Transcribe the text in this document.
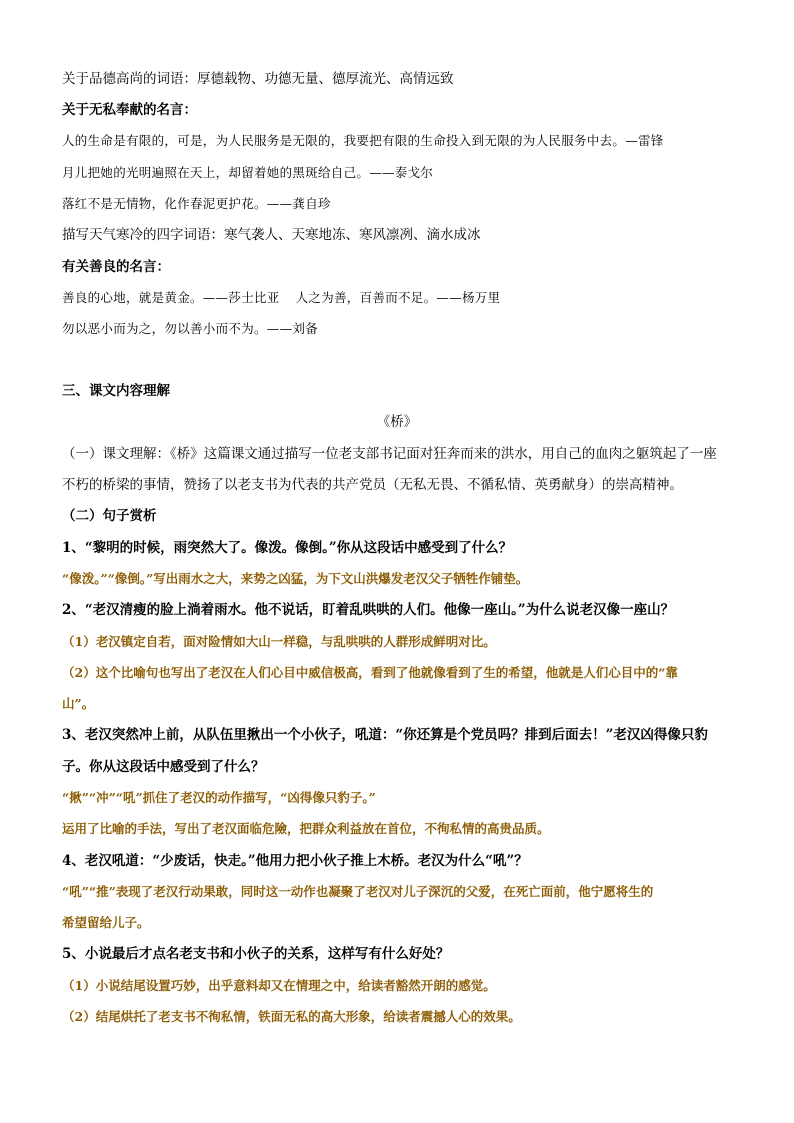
关于品德高尚的词语：厚德载物、功德无量、德厚流光、高情远致
关于无私奉献的名言：
人的生命是有限的，可是，为人民服务是无限的，我要把有限的生命投入到无限的为人民服务中去。—雷锋
月儿把她的光明遍照在天上，却留着她的黑斑给自己。——泰戈尔
落红不是无情物，化作春泥更护花。——龚自珍
描写天气寒冷的四字词语：寒气袭人、天寒地冻、寒风凛冽、滴水成冰
有关善良的名言：
善良的心地，就是黄金。——莎士比亚 人之为善，百善而不足。——杨万里
勿以恶小而为之，勿以善小而不为。——刘备
三、课文内容理解
《桥》
（一）课文理解：《桥》这篇课文通过描写一位老支部书记面对狂奔而来的洪水，用自己的血肉之躯筑起了一座
不朽的桥梁的事情，赞扬了以老支书为代表的共产党员（无私无畏、不循私情、英勇献身）的崇高精神。
（二）句子赏析
1、“黎明的时候，雨突然大了。像泼。像倒。”你从这段话中感受到了什么？
“像泼。”“像倒。”写出雨水之大，来势之凶猛，为下文山洪爆发老汉父子牺牲作铺垫。
2、“老汉清瘦的脸上淌着雨水。他不说话，盯着乱哄哄的人们。他像一座山。”为什么说老汉像一座山？
（1）老汉镇定自若，面对险情如大山一样稳，与乱哄哄的人群形成鲜明对比。
（2）这个比喻句也写出了老汉在人们心目中威信极高，看到了他就像看到了生的希望，他就是人们心目中的“靠
山”。
3、老汉突然冲上前，从队伍里揪出一个小伙子，吼道：“你还算是个党员吗？排到后面去！”老汉凶得像只豹
子。你从这段话中感受到了什么？
“揪”“冲”“吼”抓住了老汉的动作描写，“凶得像只豹子。”
运用了比喻的手法，写出了老汉面临危險，把群众利益放在首位，不徇私情的高贵品质。
4、老汉吼道：“少废话，快走。”他用力把小伙子推上木桥。老汉为什么“吼”？
“吼”“推”表现了老汉行动果敢，同时这一动作也凝聚了老汉对儿子深沉的父爱，在死亡面前，他宁愿将生的
希望留给儿子。
5、小说最后才点名老支书和小伙子的关系，这样写有什么好处？
（1）小说结尾设置巧妙，出乎意料却又在情理之中，给读者豁然开朗的感觉。
（2）结尾烘托了老支书不徇私情，铁面无私的高大形象，给读者震撼人心的效果。
